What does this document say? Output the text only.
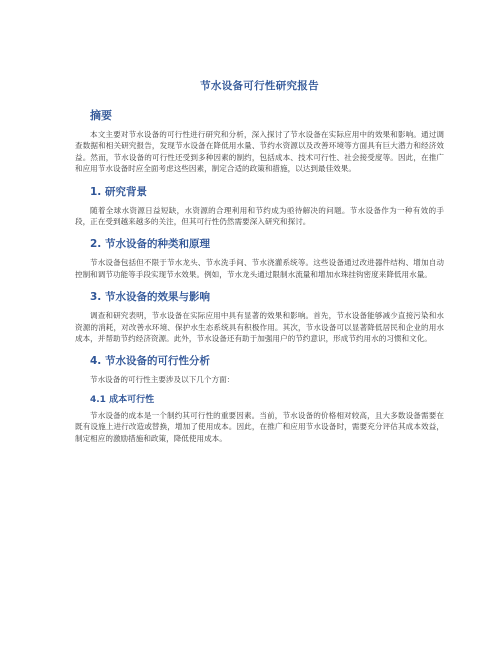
节水设备可行性研究报告
摘要

本文主要对节水设备的可行性进行研究和分析，深入探讨了节水设备在实际应用中的效果和影响。通过调查数据和相关研究报告，发现节水设备在降低用水量、节约水资源以及改善环境等方面具有巨大潜力和经济效益。然而，节水设备的可行性还受到多种因素的制约，包括成本、技术可行性、社会接受度等。因此，在推广和应用节水设备时应全面考虑这些因素，制定合适的政策和措施，以达到最佳效果。

1. 研究背景

随着全球水资源日益短缺，水资源的合理利用和节约成为亟待解决的问题。节水设备作为一种有效的手段，正在受到越来越多的关注，但其可行性仍然需要深入研究和探讨。

2. 节水设备的种类和原理

节水设备包括但不限于节水龙头、节水洗手间、节水浇灌系统等。这些设备通过改进器件结构、增加自动控制和调节功能等手段实现节水效果。例如，节水龙头通过限制水流量和增加水珠挂钩密度来降低用水量。

3. 节水设备的效果与影响

调查和研究表明，节水设备在实际应用中具有显著的效果和影响。首先，节水设备能够减少直接污染和水资源的消耗，对改善水环境、保护水生态系统具有积极作用。其次，节水设备可以显著降低居民和企业的用水成本，并帮助节约经济资源。此外，节水设备还有助于加强用户的节约意识，形成节约用水的习惯和文化。

4. 节水设备的可行性分析

节水设备的可行性主要涉及以下几个方面：

4.1 成本可行性

节水设备的成本是一个制约其可行性的重要因素。当前，节水设备的价格相对较高，且大多数设备需要在既有设施上进行改造或替换，增加了使用成本。因此，在推广和应用节水设备时，需要充分评估其成本效益，制定相应的激励措施和政策，降低使用成本。
